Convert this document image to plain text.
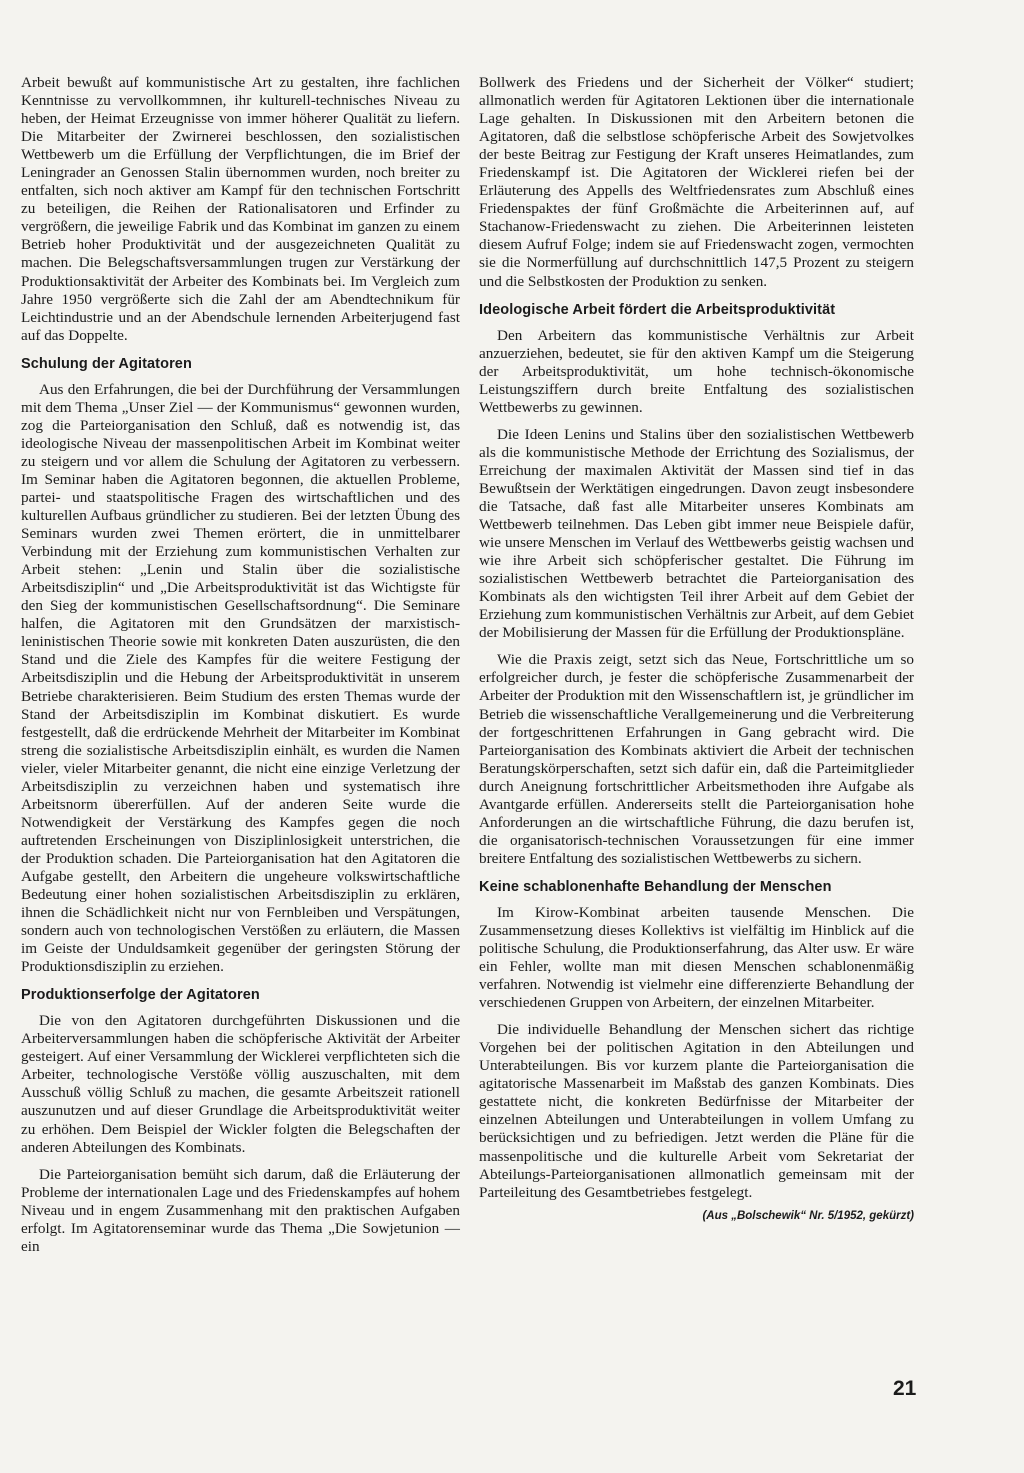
Arbeit bewußt auf kommunistische Art zu gestalten, ihre fachlichen Kenntnisse zu vervollkommnen, ihr kulturell-technisches Niveau zu heben, der Heimat Erzeugnisse von immer höherer Qualität zu liefern. Die Mitarbeiter der Zwirnerei beschlossen, den sozialistischen Wettbewerb um die Erfüllung der Verpflichtungen, die im Brief der Leningrader an Genossen Stalin übernommen wurden, noch breiter zu entfalten, sich noch aktiver am Kampf für den technischen Fortschritt zu beteiligen, die Reihen der Rationalisatoren und Erfinder zu vergrößern, die jeweilige Fabrik und das Kombinat im ganzen zu einem Betrieb hoher Produktivität und der ausgezeichneten Qualität zu machen. Die Belegschaftsversammlungen trugen zur Verstärkung der Produktionsaktivität der Arbeiter des Kombinats bei. Im Vergleich zum Jahre 1950 vergrößerte sich die Zahl der am Abendtechnikum für Leichtindustrie und an der Abendschule lernenden Arbeiterjugend fast auf das Doppelte.

Schulung der Agitatoren

Aus den Erfahrungen, die bei der Durchführung der Versammlungen mit dem Thema „Unser Ziel — der Kommunismus“ gewonnen wurden, zog die Parteiorganisation den Schluß, daß es notwendig ist, das ideologische Niveau der massenpolitischen Arbeit im Kombinat weiter zu steigern und vor allem die Schulung der Agitatoren zu verbessern. Im Seminar haben die Agitatoren begonnen, die aktuellen Probleme, partei- und staatspolitische Fragen des wirtschaftlichen und des kulturellen Aufbaus gründlicher zu studieren. Bei der letzten Übung des Seminars wurden zwei Themen erörtert, die in unmittelbarer Verbindung mit der Erziehung zum kommunistischen Verhalten zur Arbeit stehen: „Lenin und Stalin über die sozialistische Arbeitsdisziplin“ und „Die Arbeitsproduktivität ist das Wichtigste für den Sieg der kommunistischen Gesellschaftsordnung“. Die Seminare halfen, die Agitatoren mit den Grundsätzen der marxistisch-leninistischen Theorie sowie mit konkreten Daten auszurüsten, die den Stand und die Ziele des Kampfes für die weitere Festigung der Arbeitsdisziplin und die Hebung der Arbeitsproduktivität in unserem Betriebe charakterisieren. Beim Studium des ersten Themas wurde der Stand der Arbeitsdisziplin im Kombinat diskutiert. Es wurde festgestellt, daß die erdrückende Mehrheit der Mitarbeiter im Kombinat streng die sozialistische Arbeitsdisziplin einhält, es wurden die Namen vieler, vieler Mitarbeiter genannt, die nicht eine einzige Verletzung der Arbeitsdisziplin zu verzeichnen haben und systematisch ihre Arbeitsnorm übererfüllen. Auf der anderen Seite wurde die Notwendigkeit der Verstärkung des Kampfes gegen die noch auftretenden Erscheinungen von Disziplinlosigkeit unterstrichen, die der Produktion schaden. Die Parteiorganisation hat den Agitatoren die Aufgabe gestellt, den Arbeitern die ungeheure volkswirtschaftliche Bedeutung einer hohen sozialistischen Arbeitsdisziplin zu erklären, ihnen die Schädlichkeit nicht nur von Fernbleiben und Verspätungen, sondern auch von technologischen Verstößen zu erläutern, die Massen im Geiste der Unduldsamkeit gegenüber der geringsten Störung der Produktionsdisziplin zu erziehen.

Produktionserfolge der Agitatoren

Die von den Agitatoren durchgeführten Diskussionen und die Arbeiterversammlungen haben die schöpferische Aktivität der Arbeiter gesteigert. Auf einer Versammlung der Wicklerei verpflichteten sich die Arbeiter, technologische Verstöße völlig auszuschalten, mit dem Ausschuß völlig Schluß zu machen, die gesamte Arbeitszeit rationell auszunutzen und auf dieser Grundlage die Arbeitsproduktivität weiter zu erhöhen. Dem Beispiel der Wickler folgten die Belegschaften der anderen Abteilungen des Kombinats.

Die Parteiorganisation bemüht sich darum, daß die Erläuterung der Probleme der internationalen Lage und des Friedenskampfes auf hohem Niveau und in engem Zusammenhang mit den praktischen Aufgaben erfolgt. Im Agitatorenseminar wurde das Thema „Die Sowjetunion — ein

Bollwerk des Friedens und der Sicherheit der Völker“ studiert; allmonatlich werden für Agitatoren Lektionen über die internationale Lage gehalten. In Diskussionen mit den Arbeitern betonen die Agitatoren, daß die selbstlose schöpferische Arbeit des Sowjetvolkes der beste Beitrag zur Festigung der Kraft unseres Heimatlandes, zum Friedenskampf ist. Die Agitatoren der Wicklerei riefen bei der Erläuterung des Appells des Weltfriedensrates zum Abschluß eines Friedenspaktes der fünf Großmächte die Arbeiterinnen auf, auf Stachanow-Friedenswacht zu ziehen. Die Arbeiterinnen leisteten diesem Aufruf Folge; indem sie auf Friedenswacht zogen, vermochten sie die Normerfüllung auf durchschnittlich 147,5 Prozent zu steigern und die Selbstkosten der Produktion zu senken.

Ideologische Arbeit fördert die Arbeitsproduktivität

Den Arbeitern das kommunistische Verhältnis zur Arbeit anzuerziehen, bedeutet, sie für den aktiven Kampf um die Steigerung der Arbeitsproduktivität, um hohe technisch-ökonomische Leistungsziffern durch breite Entfaltung des sozialistischen Wettbewerbs zu gewinnen.

Die Ideen Lenins und Stalins über den sozialistischen Wettbewerb als die kommunistische Methode der Errichtung des Sozialismus, der Erreichung der maximalen Aktivität der Massen sind tief in das Bewußtsein der Werktätigen eingedrungen. Davon zeugt insbesondere die Tatsache, daß fast alle Mitarbeiter unseres Kombinats am Wettbewerb teilnehmen. Das Leben gibt immer neue Beispiele dafür, wie unsere Menschen im Verlauf des Wettbewerbs geistig wachsen und wie ihre Arbeit sich schöpferischer gestaltet. Die Führung im sozialistischen Wettbewerb betrachtet die Parteiorganisation des Kombinats als den wichtigsten Teil ihrer Arbeit auf dem Gebiet der Erziehung zum kommunistischen Verhältnis zur Arbeit, auf dem Gebiet der Mobilisierung der Massen für die Erfüllung der Produktionspläne.

Wie die Praxis zeigt, setzt sich das Neue, Fortschrittliche um so erfolgreicher durch, je fester die schöpferische Zusammenarbeit der Arbeiter der Produktion mit den Wissenschaftlern ist, je gründlicher im Betrieb die wissenschaftliche Verallgemeinerung und die Verbreiterung der fortgeschrittenen Erfahrungen in Gang gebracht wird. Die Parteiorganisation des Kombinats aktiviert die Arbeit der technischen Beratungskörperschaften, setzt sich dafür ein, daß die Parteimitglieder durch Aneignung fortschrittlicher Arbeitsmethoden ihre Aufgabe als Avantgarde erfüllen. Andererseits stellt die Parteiorganisation hohe Anforderungen an die wirtschaftliche Führung, die dazu berufen ist, die organisatorisch-technischen Voraussetzungen für eine immer breitere Entfaltung des sozialistischen Wettbewerbs zu sichern.

Keine schablonenhafte Behandlung der Menschen

Im Kirow-Kombinat arbeiten tausende Menschen. Die Zusammensetzung dieses Kollektivs ist vielfältig im Hinblick auf die politische Schulung, die Produktionserfahrung, das Alter usw. Er wäre ein Fehler, wollte man mit diesen Menschen schablonenmäßig verfahren. Notwendig ist vielmehr eine differenzierte Behandlung der verschiedenen Gruppen von Arbeitern, der einzelnen Mitarbeiter.

Die individuelle Behandlung der Menschen sichert das richtige Vorgehen bei der politischen Agitation in den Abteilungen und Unterabteilungen. Bis vor kurzem plante die Parteiorganisation die agitatorische Massenarbeit im Maßstab des ganzen Kombinats. Dies gestattete nicht, die konkreten Bedürfnisse der Mitarbeiter der einzelnen Abteilungen und Unterabteilungen in vollem Umfang zu berücksichtigen und zu befriedigen. Jetzt werden die Pläne für die massenpolitische und die kulturelle Arbeit vom Sekretariat der Abteilungs-Parteiorganisationen allmonatlich gemeinsam mit der Parteileitung des Gesamtbetriebes festgelegt.

(Aus „Bolschewik“ Nr. 5/1952, gekürzt)

21
